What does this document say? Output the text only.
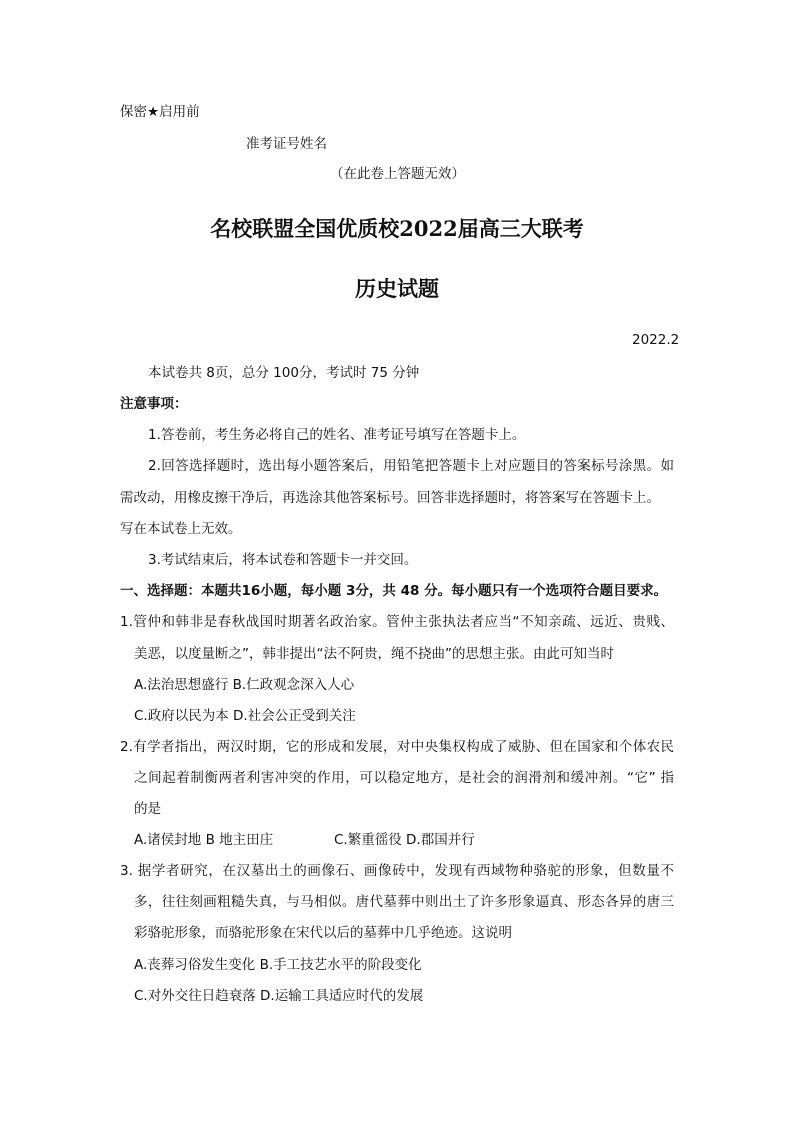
保密★启用前
准考证号姓名
（在此卷上答题无效）
名校联盟全国优质校2022届高三大联考
历史试题
2022.2
本试卷共 8页，总分 100分，考试时 75 分钟
注意事项：
1.答卷前，考生务必将自己的姓名、准考证号填写在答题卡上。
2.回答选择题时，选出每小题答案后，用铅笔把答题卡上对应题目的答案标号涂黑。如
需改动，用橡皮擦干净后，再选涂其他答案标号。回答非选择题时，将答案写在答题卡上。
写在本试卷上无效。
3.考试结束后，将本试卷和答题卡一并交回。
一、选择题：本题共16小题，每小题 3分，共 48 分。每小题只有一个选项符合题目要求。
1.管仲和韩非是春秋战国时期著名政治家。管仲主张执法者应当“不知亲疏、远近、贵贱、
美恶，以度量断之”，韩非提出“法不阿贵，绳不挠曲”的思想主张。由此可知当时
A.法治思想盛行 B.仁政观念深入人心
C.政府以民为本 D.社会公正受到关注
2.有学者指出，两汉时期，它的形成和发展，对中央集权构成了威胁、但在国家和个体农民
之间起着制衡两者利害冲突的作用，可以稳定地方，是社会的润滑剂和缓冲剂。“它” 指
的是
A.诸侯封地 B 地主田庄	C.繁重徭役 D.郡国并行
3. 据学者研究，在汉墓出土的画像石、画像砖中，发现有西域物种骆驼的形象，但数量不
多，往往刻画粗糙失真，与马相似。唐代墓葬中则出土了许多形象逼真、形态各异的唐三
彩骆驼形象，而骆驼形象在宋代以后的墓葬中几乎绝迹。这说明
A.丧葬习俗发生变化 B.手工技艺水平的阶段变化
C.对外交往日趋衰落 D.运输工具适应时代的发展
